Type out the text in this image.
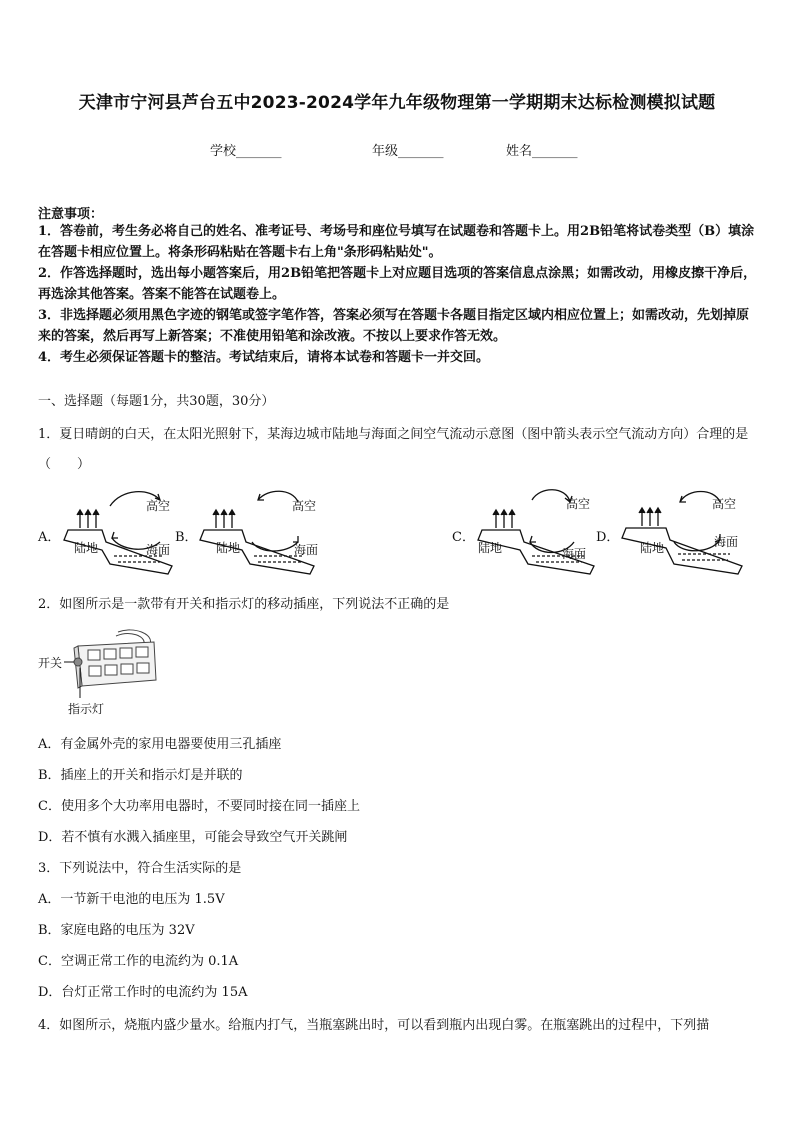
天津市宁河县芦台五中2023-2024学年九年级物理第一学期期末达标检测模拟试题
学校_______	年级_______	姓名_______
注意事项：
1．答卷前，考生务必将自己的姓名、准考证号、考场号和座位号填写在试题卷和答题卡上。用2B铅笔将试卷类型（B）填涂在答题卡相应位置上。将条形码粘贴在答题卡右上角"条形码粘贴处"。
2．作答选择题时，选出每小题答案后，用2B铅笔把答题卡上对应题目选项的答案信息点涂黑；如需改动，用橡皮擦干净后，再选涂其他答案。答案不能答在试题卷上。
3．非选择题必须用黑色字迹的钢笔或签字笔作答，答案必须写在答题卡各题目指定区域内相应位置上；如需改动，先划掉原来的答案，然后再写上新答案；不准使用铅笔和涂改液。不按以上要求作答无效。
4．考生必须保证答题卡的整洁。考试结束后，请将本试卷和答题卡一并交回。
一、选择题（每题1分，共30题，30分）
1．夏日晴朗的白天，在太阳光照射下，某海边城市陆地与海面之间空气流动示意图（图中箭头表示空气流动方向）合理的是（　　）
A．
高空
陆地	海面
B．
高空
陆地	海面
C．
高空
陆地	海面
D．
高空
陆地	海面
2．如图所示是一款带有开关和指示灯的移动插座，下列说法不正确的是
开关
指示灯
A．有金属外壳的家用电器要使用三孔插座
B．插座上的开关和指示灯是并联的
C．使用多个大功率用电器时，不要同时接在同一插座上
D．若不慎有水溅入插座里，可能会导致空气开关跳闸
3．下列说法中，符合生活实际的是
A．一节新干电池的电压为 1.5V
B．家庭电路的电压为 32V
C．空调正常工作的电流约为 0.1A
D．台灯正常工作时的电流约为 15A
4．如图所示，烧瓶内盛少量水。给瓶内打气，当瓶塞跳出时，可以看到瓶内出现白雾。在瓶塞跳出的过程中，下列描
